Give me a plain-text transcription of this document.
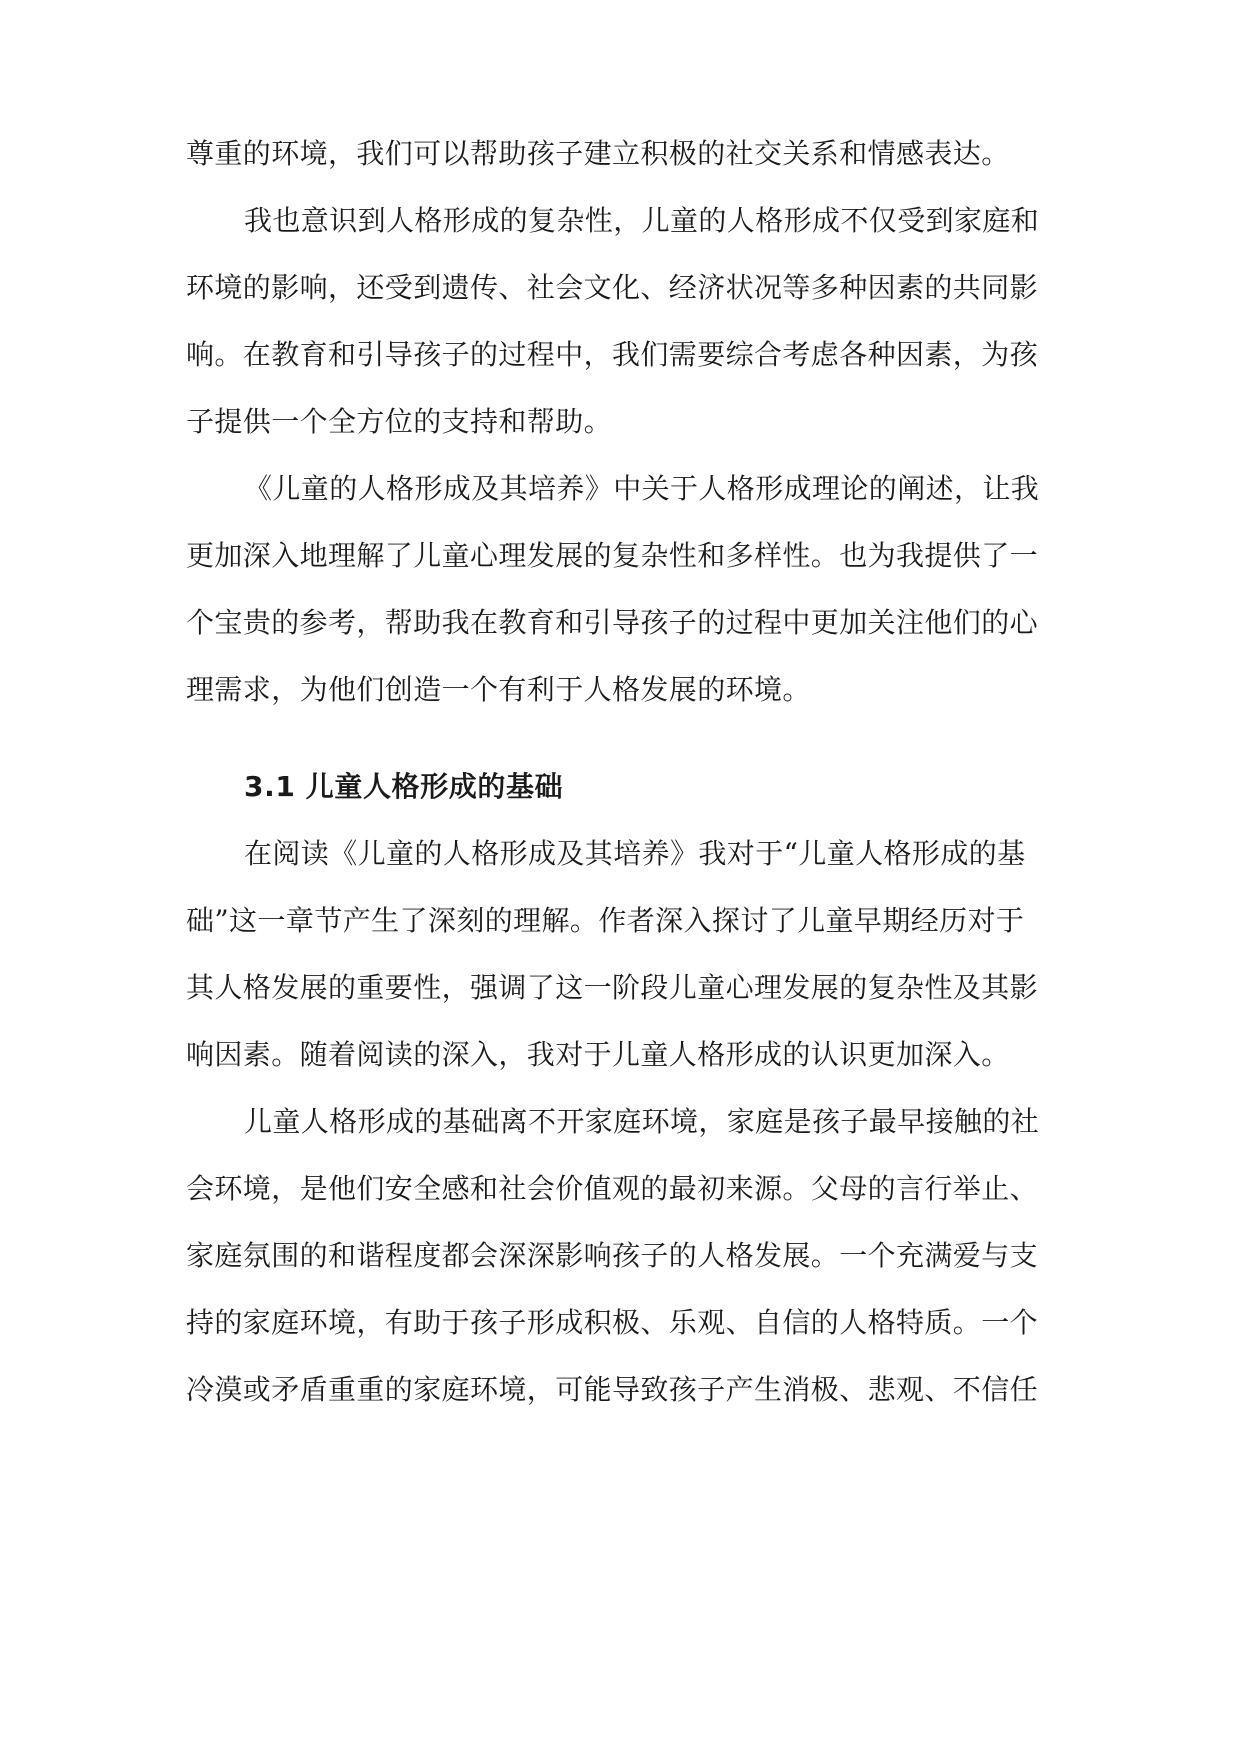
尊重的环境，我们可以帮助孩子建立积极的社交关系和情感表达。
我也意识到人格形成的复杂性，儿童的人格形成不仅受到家庭和
环境的影响，还受到遗传、社会文化、经济状况等多种因素的共同影
响。在教育和引导孩子的过程中，我们需要综合考虑各种因素，为孩
子提供一个全方位的支持和帮助。
《儿童的人格形成及其培养》中关于人格形成理论的阐述，让我
更加深入地理解了儿童心理发展的复杂性和多样性。也为我提供了一
个宝贵的参考，帮助我在教育和引导孩子的过程中更加关注他们的心
理需求，为他们创造一个有利于人格发展的环境。
3.1 儿童人格形成的基础
在阅读《儿童的人格形成及其培养》我对于“儿童人格形成的基
础”这一章节产生了深刻的理解。作者深入探讨了儿童早期经历对于
其人格发展的重要性，强调了这一阶段儿童心理发展的复杂性及其影
响因素。随着阅读的深入，我对于儿童人格形成的认识更加深入。
儿童人格形成的基础离不开家庭环境，家庭是孩子最早接触的社
会环境，是他们安全感和社会价值观的最初来源。父母的言行举止、
家庭氛围的和谐程度都会深深影响孩子的人格发展。一个充满爱与支
持的家庭环境，有助于孩子形成积极、乐观、自信的人格特质。一个
冷漠或矛盾重重的家庭环境，可能导致孩子产生消极、悲观、不信任
